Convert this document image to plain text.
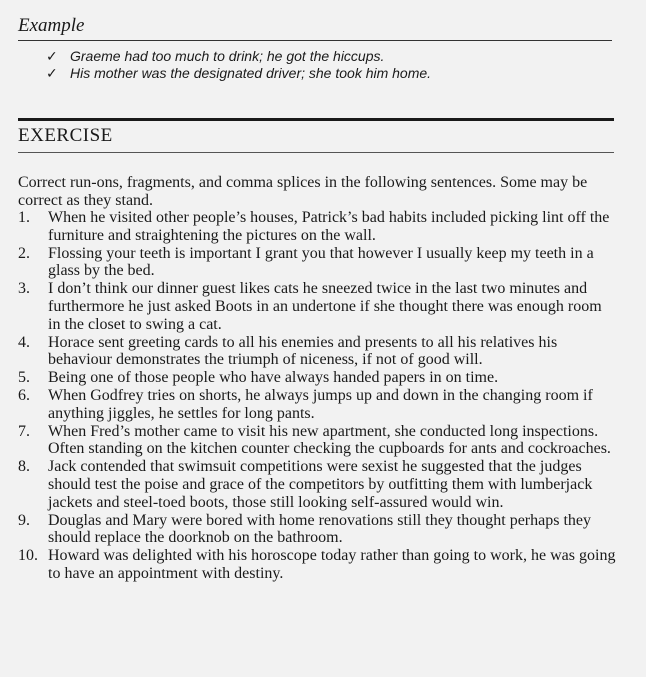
Example
✓ Graeme had too much to drink; he got the hiccups.
✓ His mother was the designated driver; she took him home.
EXERCISE
Correct run-ons, fragments, and comma splices in the following sentences. Some may be correct as they stand.
1.	When he visited other people’s houses, Patrick’s bad habits included picking lint off the furniture and straightening the pictures on the wall.
2.	Flossing your teeth is important I grant you that however I usually keep my teeth in a glass by the bed.
3.	I don’t think our dinner guest likes cats he sneezed twice in the last two minutes and furthermore he just asked Boots in an undertone if she thought there was enough room in the closet to swing a cat.
4.	Horace sent greeting cards to all his enemies and presents to all his relatives his behaviour demonstrates the triumph of niceness, if not of good will.
5.	Being one of those people who have always handed papers in on time.
6.	When Godfrey tries on shorts, he always jumps up and down in the changing room if anything jiggles, he settles for long pants.
7.	When Fred’s mother came to visit his new apartment, she conducted long inspections. Often standing on the kitchen counter checking the cupboards for ants and cockroaches.
8.	Jack contended that swimsuit competitions were sexist he suggested that the judges should test the poise and grace of the competitors by outfitting them with lumberjack jackets and steel-toed boots, those still looking self-assured would win.
9.	Douglas and Mary were bored with home renovations still they thought perhaps they should replace the doorknob on the bathroom.
10. Howard was delighted with his horoscope today rather than going to work, he was going to have an appointment with destiny.
